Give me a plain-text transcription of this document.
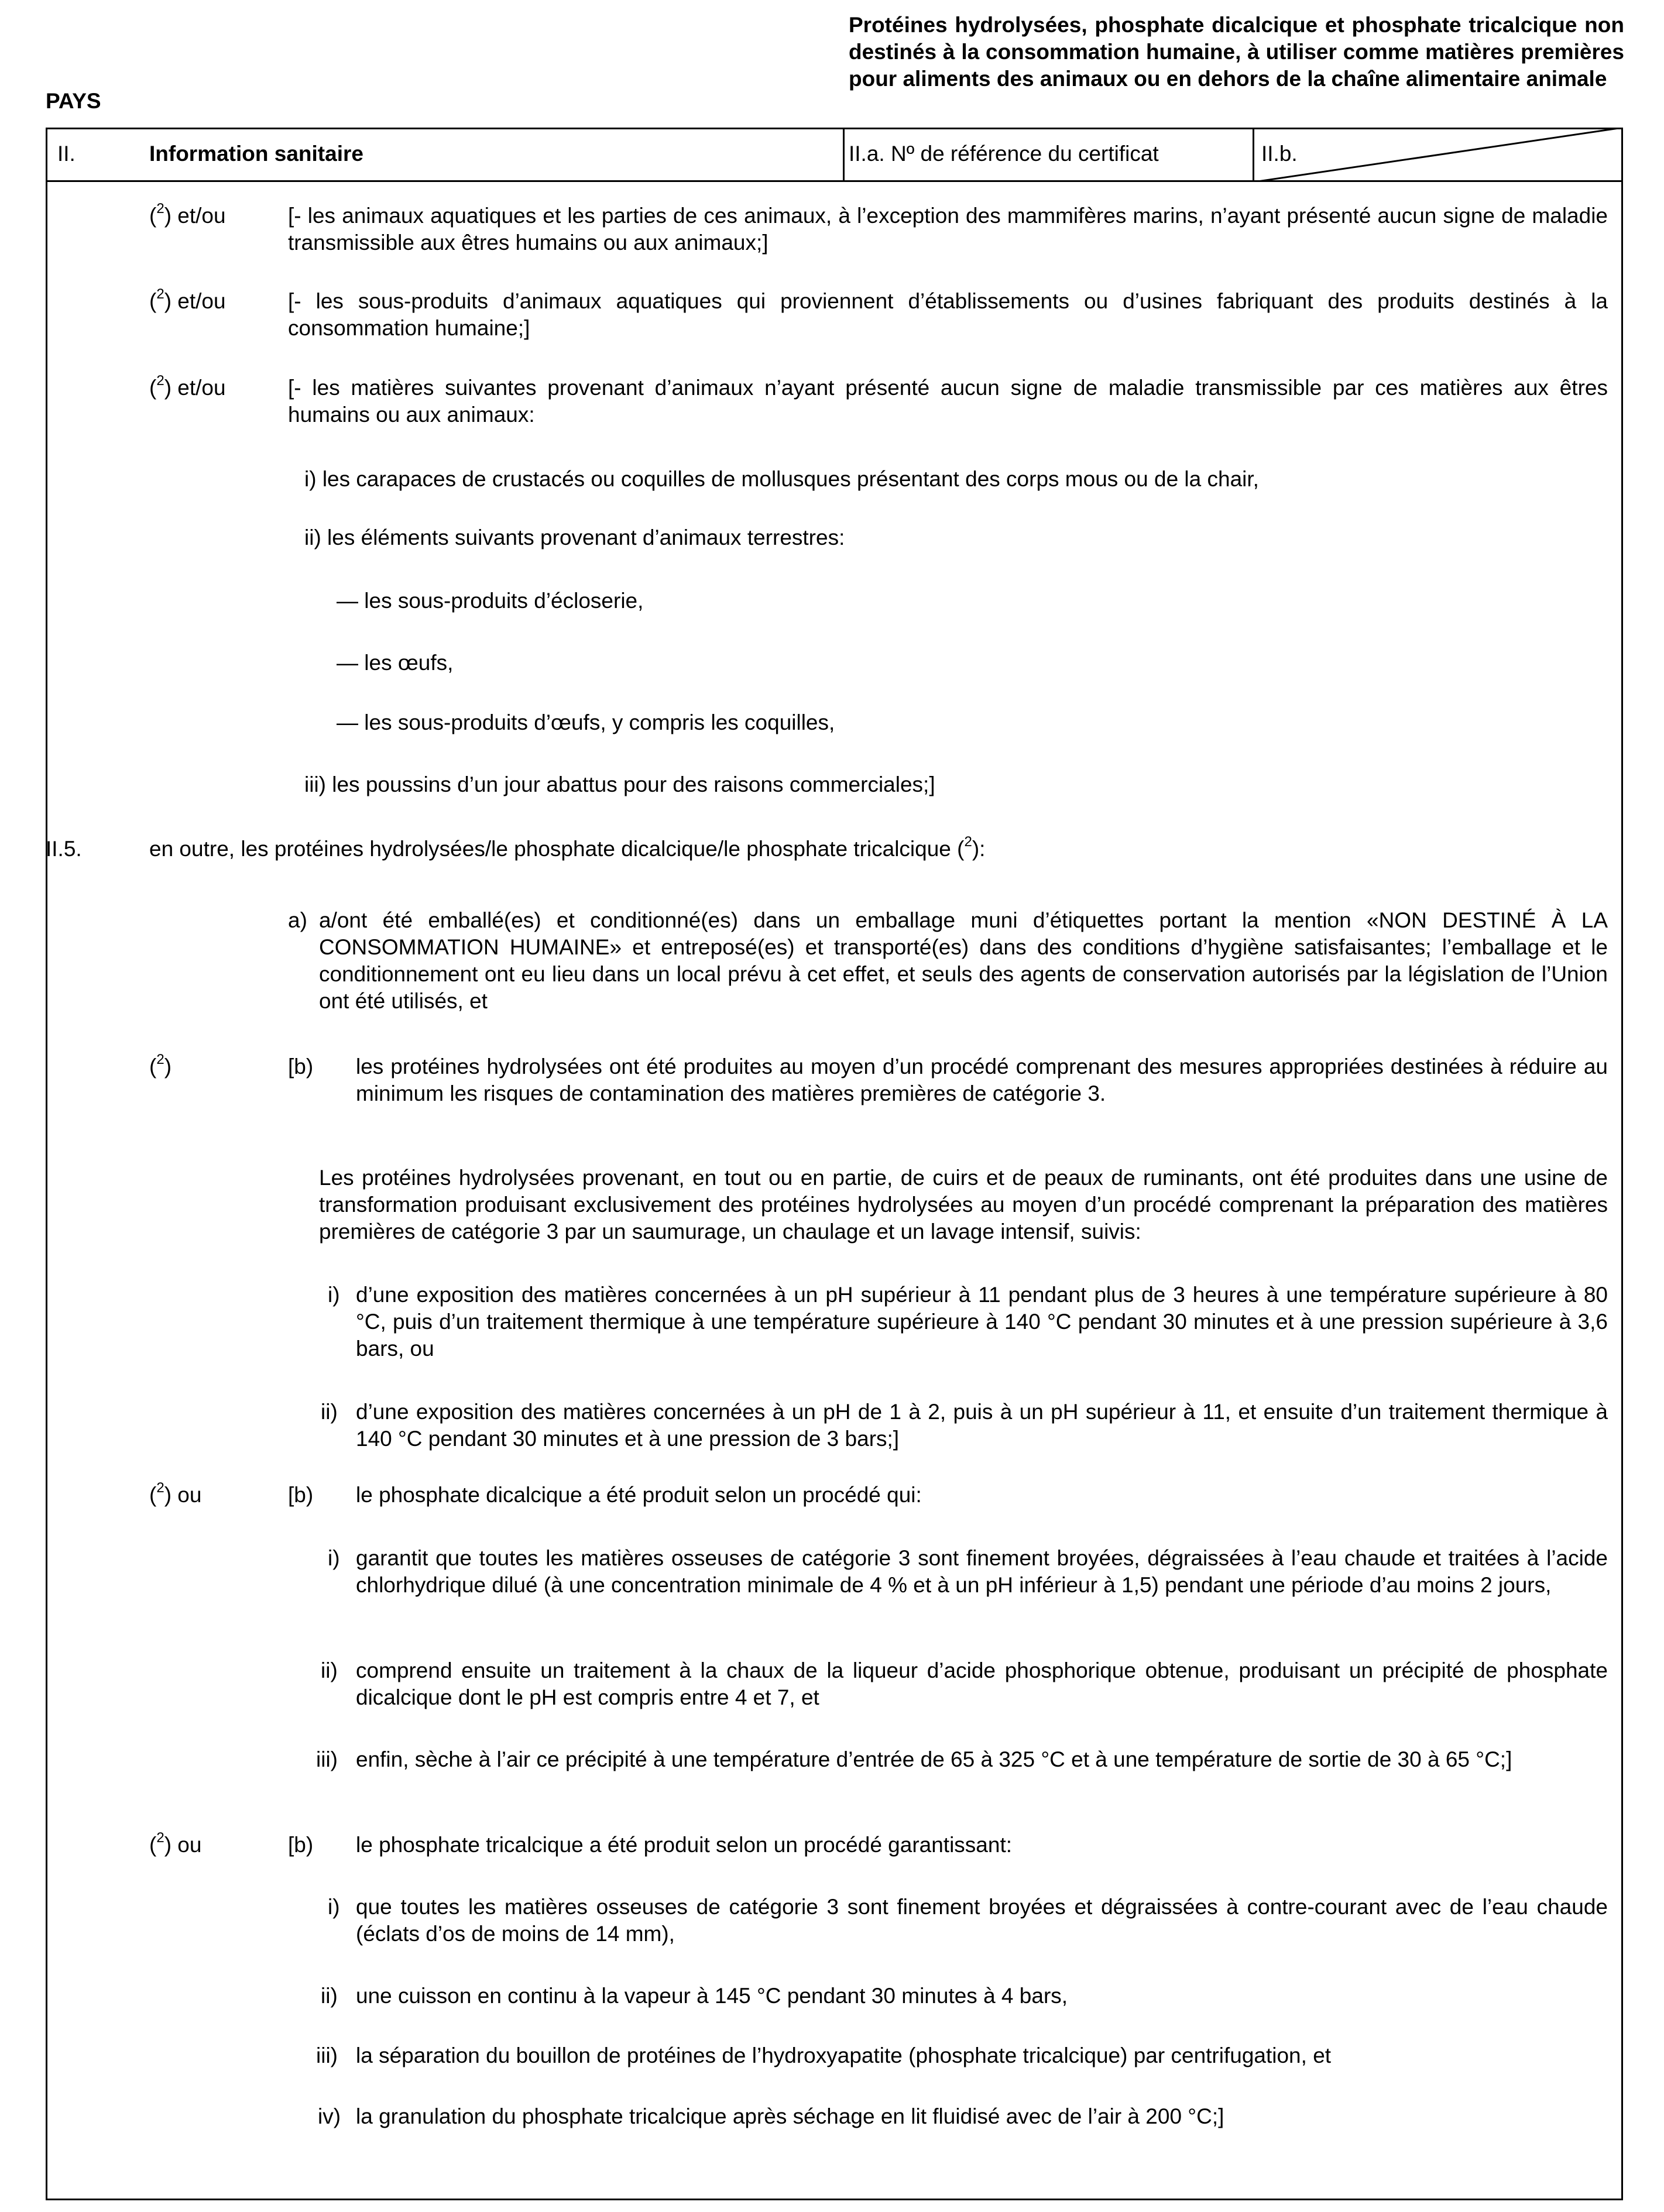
Protéines hydrolysées, phosphate dicalcique et phosphate tricalcique non destinés à la consommation humaine, à utiliser comme matières premières pour aliments des animaux ou en dehors de la chaîne alimentaire animale
PAYS
II.	Information sanitaire	II.a. Nº de référence du certificat	II.b.
($^2$) et/ou	[- les animaux aquatiques et les parties de ces animaux, à l’exception des mammifères marins, n’ayant présenté aucun signe de maladie transmissible aux êtres humains ou aux animaux;]

($^2$) et/ou	[- les sous-produits d’animaux aquatiques qui proviennent d’établissements ou d’usines fabriquant des produits destinés à la consommation humaine;]

($^2$) et/ou	[- les matières suivantes provenant d’animaux n’ayant présenté aucun signe de maladie transmissible par ces matières aux êtres humains ou aux animaux:

i) les carapaces de crustacés ou coquilles de mollusques présentant des corps mous ou de la chair,
ii) les éléments suivants provenant d’animaux terrestres:
— les sous-produits d’écloserie,
— les œufs,
— les sous-produits d’œufs, y compris les coquilles,
iii) les poussins d’un jour abattus pour des raisons commerciales;]
II.5.	en outre, les protéines hydrolysées/le phosphate dicalcique/le phosphate tricalcique ($^2$):
a) a/ont été emballé(es) et conditionné(es) dans un emballage muni d’étiquettes portant la mention «NON DESTINÉ À LA CONSOMMATION HUMAINE» et entreposé(es) et transporté(es) dans des conditions d’hygiène satisfaisantes; l’emballage et le conditionnement ont eu lieu dans un local prévu à cet effet, et seuls des agents de conservation autorisés par la législation de l’Union ont été utilisés, et

($^2$)	[b) les protéines hydrolysées ont été produites au moyen d’un procédé comprenant des mesures appropriées destinées à réduire au minimum les risques de contamination des matières premières de catégorie 3.

Les protéines hydrolysées provenant, en tout ou en partie, de cuirs et de peaux de ruminants, ont été produites dans une usine de transformation produisant exclusivement des protéines hydrolysées au moyen d’un procédé comprenant la préparation des matières premières de catégorie 3 par un saumurage, un chaulage et un lavage intensif, suivis:

i) d’une exposition des matières concernées à un pH supérieur à 11 pendant plus de 3 heures à une température supérieure à 80 °C, puis d’un traitement thermique à une température supérieure à 140 °C pendant 30 minutes et à une pression supérieure à 3,6 bars, ou

ii) d’une exposition des matières concernées à un pH de 1 à 2, puis à un pH supérieur à 11, et ensuite d’un traitement thermique à 140 °C pendant 30 minutes et à une pression de 3 bars;]

($^2$) ou	[b) le phosphate dicalcique a été produit selon un procédé qui:

i) garantit que toutes les matières osseuses de catégorie 3 sont finement broyées, dégraissées à l’eau chaude et traitées à l’acide chlorhydrique dilué (à une concentration minimale de 4 % et à un pH inférieur à 1,5) pendant une période d’au moins 2 jours,

ii) comprend ensuite un traitement à la chaux de la liqueur d’acide phosphorique obtenue, produisant un précipité de phosphate dicalcique dont le pH est compris entre 4 et 7, et

iii) enfin, sèche à l’air ce précipité à une température d’entrée de 65 à 325 °C et à une température de sortie de 30 à 65 °C;]

($^2$) ou	[b) le phosphate tricalcique a été produit selon un procédé garantissant:

i) que toutes les matières osseuses de catégorie 3 sont finement broyées et dégraissées à contre-courant avec de l’eau chaude (éclats d’os de moins de 14 mm),

ii) une cuisson en continu à la vapeur à 145 °C pendant 30 minutes à 4 bars,

iii) la séparation du bouillon de protéines de l’hydroxyapatite (phosphate tricalcique) par centrifugation, et

iv) la granulation du phosphate tricalcique après séchage en lit fluidisé avec de l’air à 200 °C;]
